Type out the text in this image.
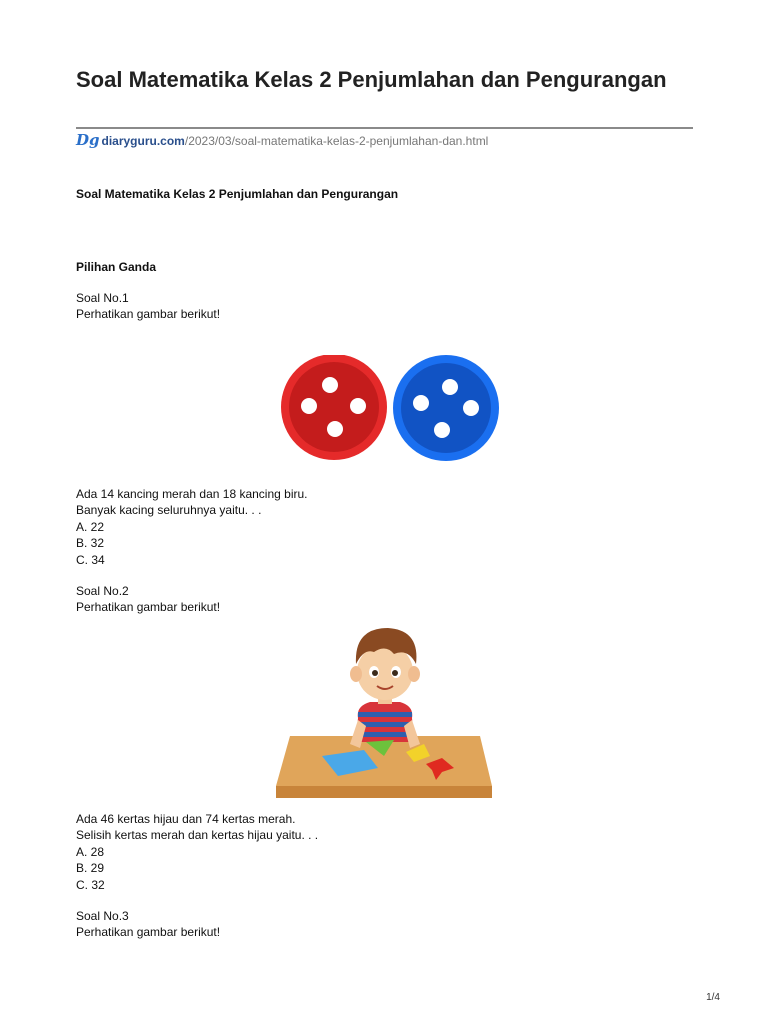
Soal Matematika Kelas 2 Penjumlahan dan Pengurangan
Dg diaryguru.com/2023/03/soal-matematika-kelas-2-penjumlahan-dan.html
Soal Matematika Kelas 2 Penjumlahan dan Pengurangan
Pilihan Ganda
Soal No.1
Perhatikan gambar berikut!
Ada 14 kancing merah dan 18 kancing biru.
Banyak kacing seluruhnya yaitu. . .
A. 22
B. 32
C. 34
Soal No.2
Perhatikan gambar berikut!
Ada 46 kertas hijau dan 74 kertas merah.
Selisih kertas merah dan kertas hijau yaitu. . .
A. 28
B. 29
C. 32
Soal No.3
Perhatikan gambar berikut!
1/4
